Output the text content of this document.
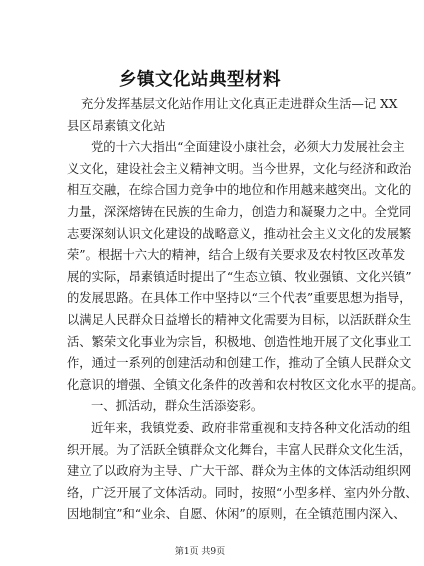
乡镇文化站典型材料
充分发挥基层文化站作用让文化真正走进群众生活—记 XX
县区昂素镇文化站
党的十六大指出“全面建设小康社会，必须大力发展社会主
义文化，建设社会主义精神文明。当今世界，文化与经济和政治
相互交融，在综合国力竞争中的地位和作用越来越突出。文化的
力量，深深熔铸在民族的生命力，创造力和凝聚力之中。全党同
志要深刻认识文化建设的战略意义，推动社会主义文化的发展繁
荣”。根据十六大的精神，结合上级有关要求及农村牧区改革发
展的实际，昂素镇适时提出了“生态立镇、牧业强镇、文化兴镇”
的发展思路。在具体工作中坚持以“三个代表”重要思想为指导，
以满足人民群众日益增长的精神文化需要为目标，以活跃群众生
活、繁荣文化事业为宗旨，积极地、创造性地开展了文化事业工
作，通过一系列的创建活动和创建工作，推动了全镇人民群众文
化意识的增强、全镇文化条件的改善和农村牧区文化水平的提高。
一、抓活动，群众生活添姿彩。
近年来，我镇党委、政府非常重视和支持各种文化活动的组
织开展。为了活跃全镇群众文化舞台，丰富人民群众文化生活，
建立了以政府为主导、广大干部、群众为主体的文体活动组织网
络，广泛开展了文体活动。同时，按照“小型多样、室内外分散、
因地制宜”和“业余、自愿、休闲”的原则，在全镇范围内深入、
第1页 共9页
